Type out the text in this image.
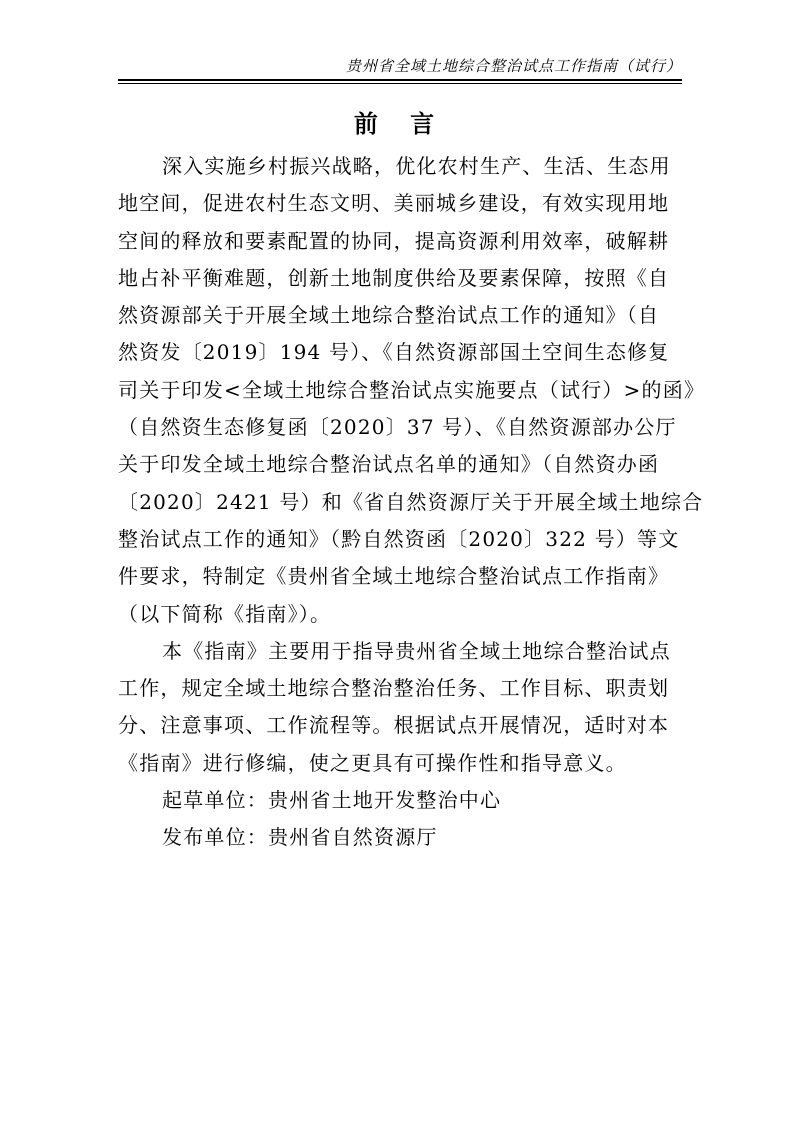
贵州省全域土地综合整治试点工作指南（试行）
前 言
深入实施乡村振兴战略，优化农村生产、生活、生态用
地空间，促进农村生态文明、美丽城乡建设，有效实现用地
空间的释放和要素配置的协同，提高资源利用效率，破解耕
地占补平衡难题，创新土地制度供给及要素保障，按照《自
然资源部关于开展全域土地综合整治试点工作的通知》（自
然资发〔2019〕194 号）、《自然资源部国土空间生态修复
司关于印发<全域土地综合整治试点实施要点（试行）>的函》
（自然资生态修复函〔2020〕37 号）、《自然资源部办公厅
关于印发全域土地综合整治试点名单的通知》（自然资办函
〔2020〕2421 号）和《省自然资源厅关于开展全域土地综合
整治试点工作的通知》（黔自然资函〔2020〕322 号）等文
件要求，特制定《贵州省全域土地综合整治试点工作指南》
（以下简称《指南》）。
本《指南》主要用于指导贵州省全域土地综合整治试点
工作，规定全域土地综合整治整治任务、工作目标、职责划
分、注意事项、工作流程等。根据试点开展情况，适时对本
《指南》进行修编，使之更具有可操作性和指导意义。
起草单位：贵州省土地开发整治中心
发布单位：贵州省自然资源厅
